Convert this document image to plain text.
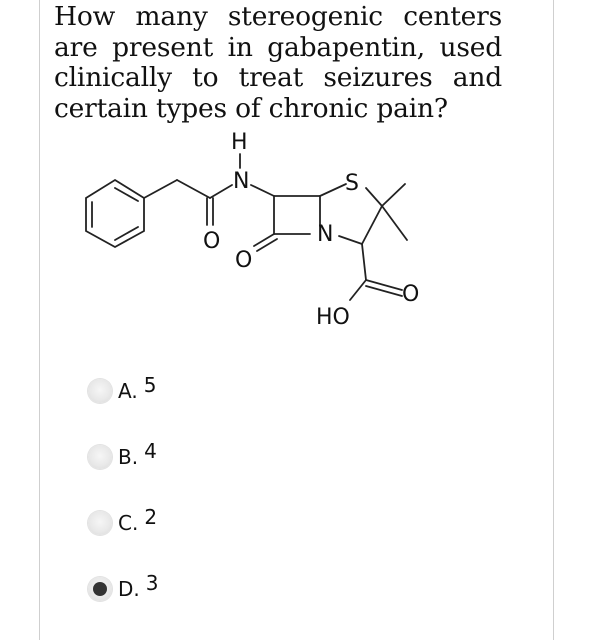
How many stereogenic centers are present in gabapentin, used clinically to treat seizures and certain types of chronic pain?

H
N
O
S
N
O
O
HO
A. 5
B. 4
C. 2
D. 3
